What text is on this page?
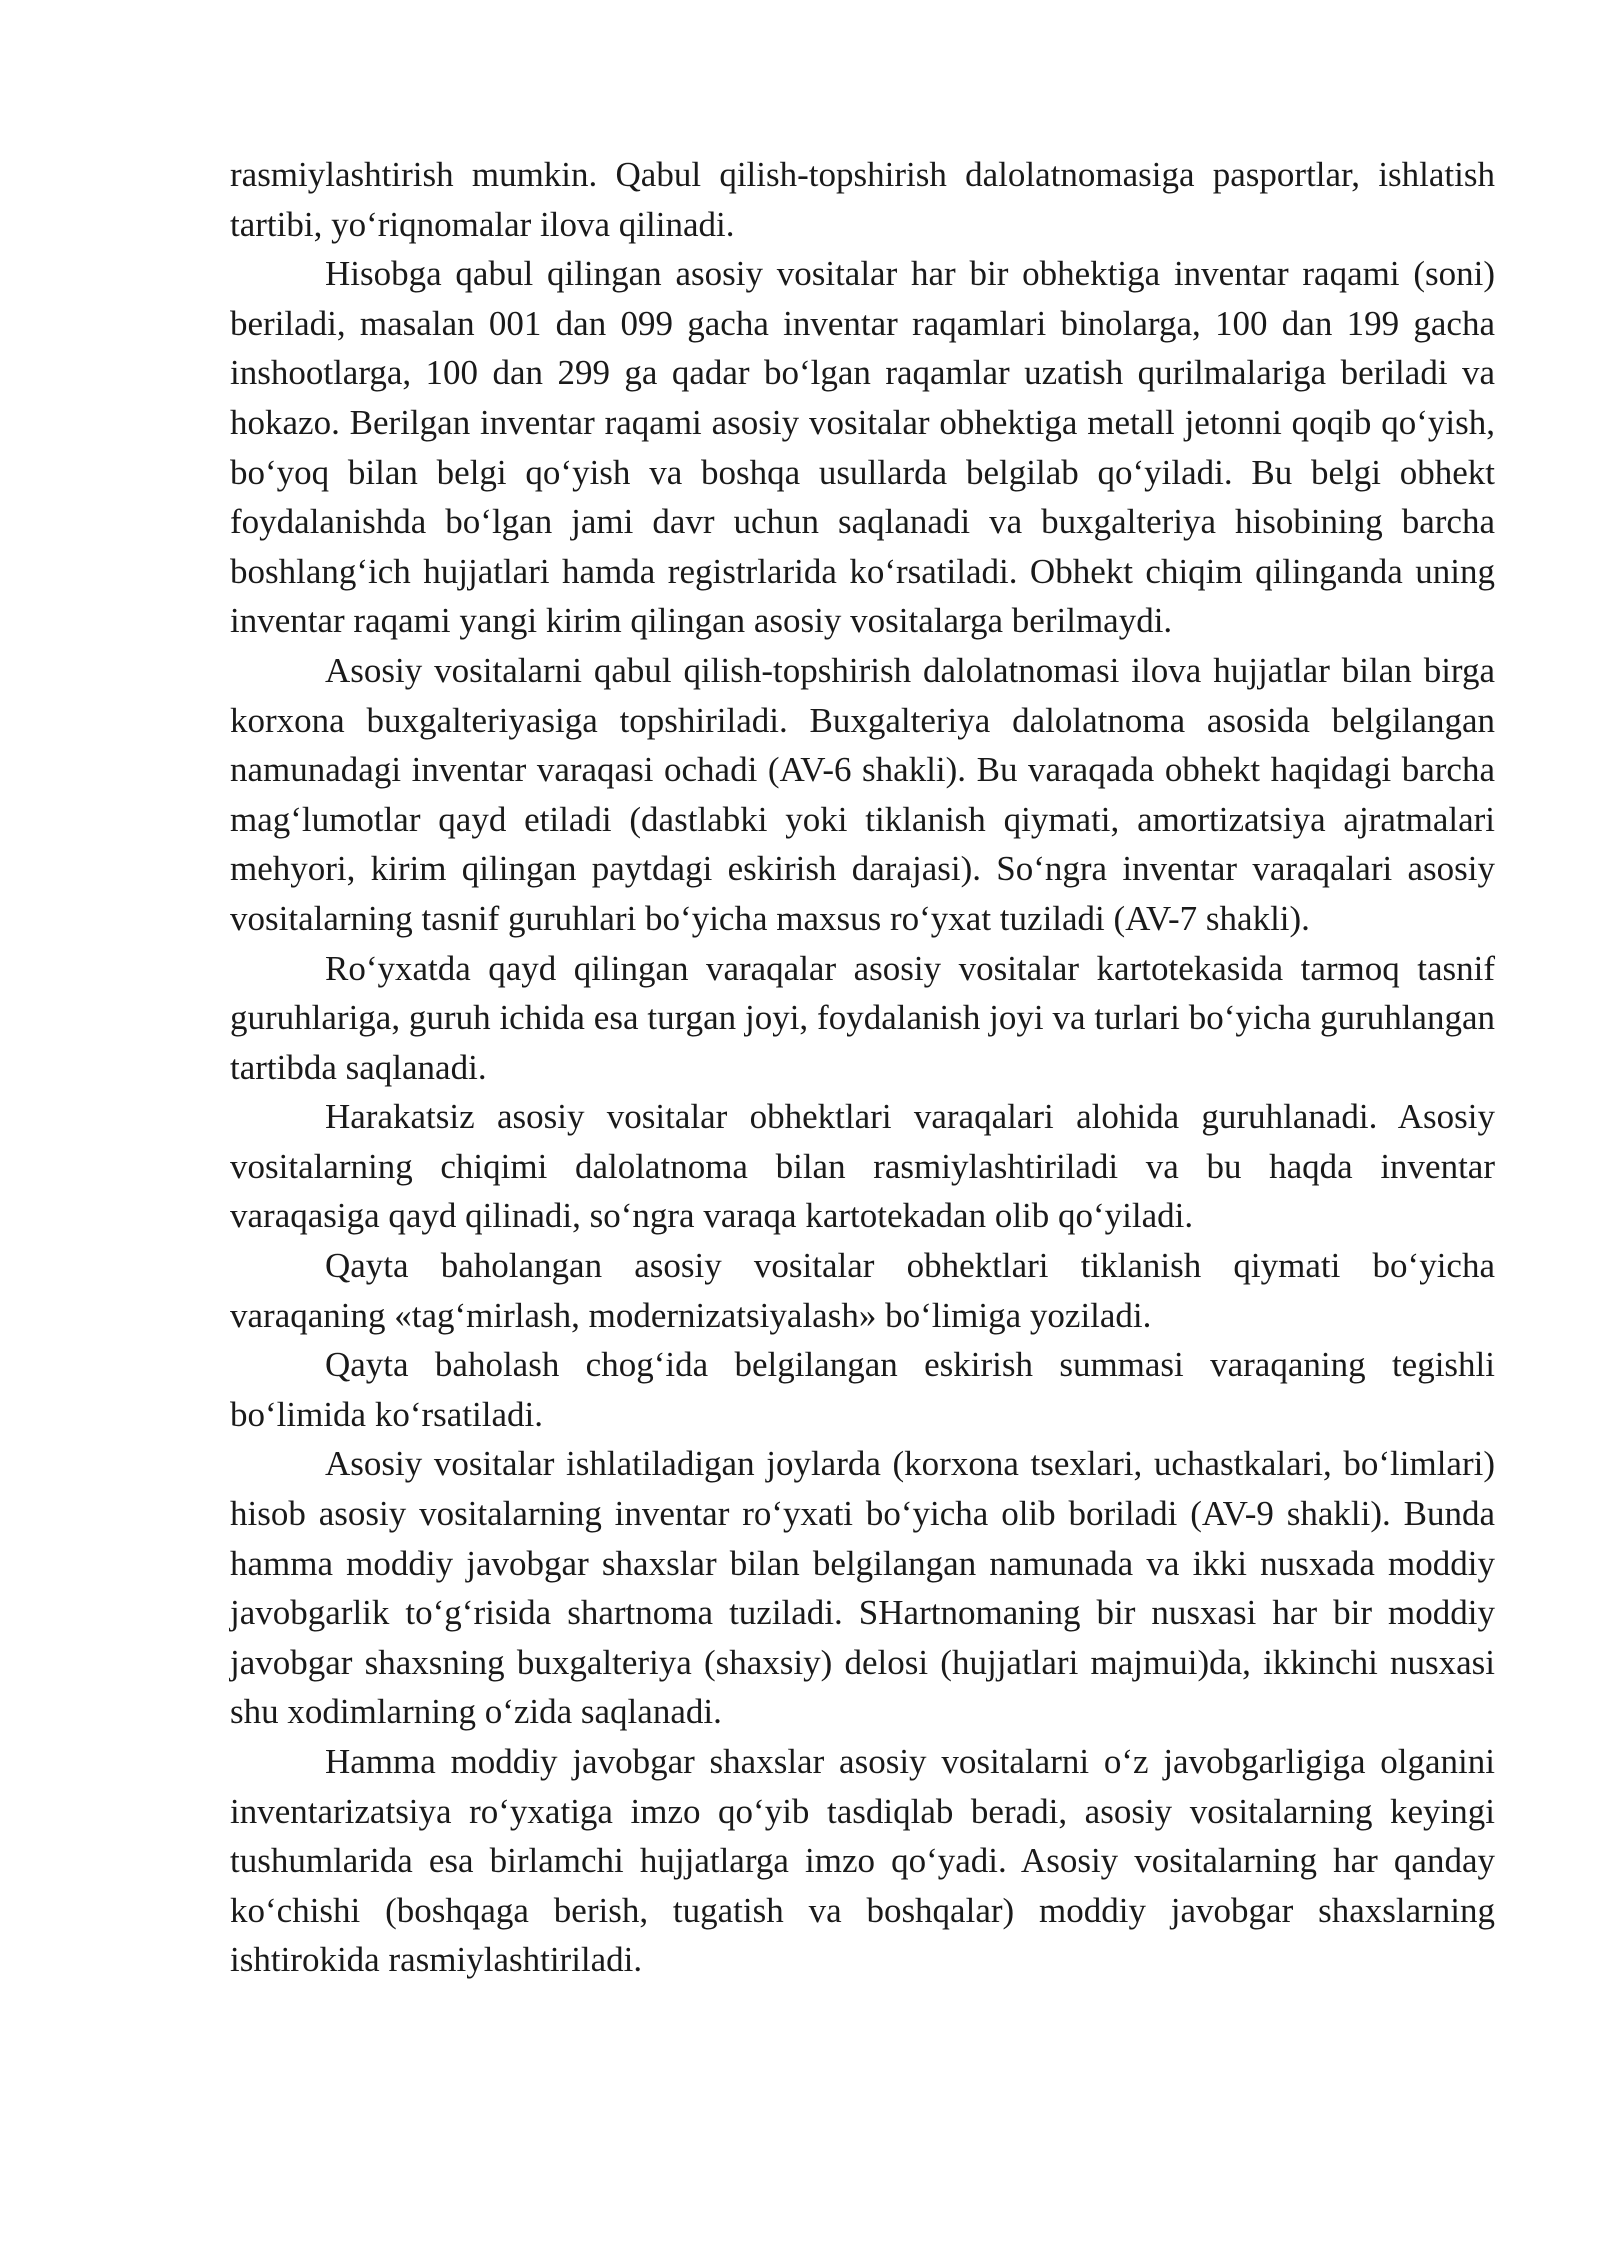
rasmiylashtirish mumkin. Qabul qilish-topshirish dalolatnomasiga pasportlar, ishlatish tartibi, yo‘riqnomalar ilova qilinadi.

Hisobga qabul qilingan asosiy vositalar har bir obhektiga inventar raqami (soni) beriladi, masalan 001 dan 099 gacha inventar raqamlari binolarga, 100 dan 199 gacha inshootlarga, 100 dan 299 ga qadar bo‘lgan raqamlar uzatish qurilmalariga beriladi va hokazo. Berilgan inventar raqami asosiy vositalar obhektiga metall jetonni qoqib qo‘yish, bo‘yoq bilan belgi qo‘yish va boshqa usullarda belgilab qo‘yiladi. Bu belgi obhekt foydalanishda bo‘lgan jami davr uchun saqlanadi va buxgalteriya hisobining barcha boshlang‘ich hujjatlari hamda registrlarida ko‘rsatiladi. Obhekt chiqim qilinganda uning inventar raqami yangi kirim qilingan asosiy vositalarga berilmaydi.

Asosiy vositalarni qabul qilish-topshirish dalolatnomasi ilova hujjatlar bilan birga korxona buxgalteriyasiga topshiriladi. Buxgalteriya dalolatnoma asosida belgilangan namunadagi inventar varaqasi ochadi (AV-6 shakli). Bu varaqada obhekt haqidagi barcha mag‘lumotlar qayd etiladi (dastlabki yoki tiklanish qiymati, amortizatsiya ajratmalari mehyori, kirim qilingan paytdagi eskirish darajasi). So‘ngra inventar varaqalari asosiy vositalarning tasnif guruhlari bo‘yicha maxsus ro‘yxat tuziladi (AV-7 shakli).

Ro‘yxatda qayd qilingan varaqalar asosiy vositalar kartotekasida tarmoq tasnif guruhlariga, guruh ichida esa turgan joyi, foydalanish joyi va turlari bo‘yicha guruhlangan tartibda saqlanadi.

Harakatsiz asosiy vositalar obhektlari varaqalari alohida guruhlanadi. Asosiy vositalarning chiqimi dalolatnoma bilan rasmiylashtiriladi va bu haqda inventar varaqasiga qayd qilinadi, so‘ngra varaqa kartotekadan olib qo‘yiladi.

Qayta baholangan asosiy vositalar obhektlari tiklanish qiymati bo‘yicha varaqaning «tag‘mirlash, modernizatsiyalash» bo‘limiga yoziladi.

Qayta baholash chog‘ida belgilangan eskirish summasi varaqaning tegishli bo‘limida ko‘rsatiladi.

Asosiy vositalar ishlatiladigan joylarda (korxona tsexlari, uchastkalari, bo‘limlari) hisob asosiy vositalarning inventar ro‘yxati bo‘yicha olib boriladi (AV-9 shakli). Bunda hamma moddiy javobgar shaxslar bilan belgilangan namunada va ikki nusxada moddiy javobgarlik to‘g‘risida shartnoma tuziladi. SHartnomaning bir nusxasi har bir moddiy javobgar shaxsning buxgalteriya (shaxsiy) delosi (hujjatlari majmui)da, ikkinchi nusxasi shu xodimlarning o‘zida saqlanadi.

Hamma moddiy javobgar shaxslar asosiy vositalarni o‘z javobgarligiga olganini inventarizatsiya ro‘yxatiga imzo qo‘yib tasdiqlab beradi, asosiy vositalarning keyingi tushumlarida esa birlamchi hujjatlarga imzo qo‘yadi. Asosiy vositalarning har qanday ko‘chishi (boshqaga berish, tugatish va boshqalar) moddiy javobgar shaxslarning ishtirokida rasmiylashtiriladi.
